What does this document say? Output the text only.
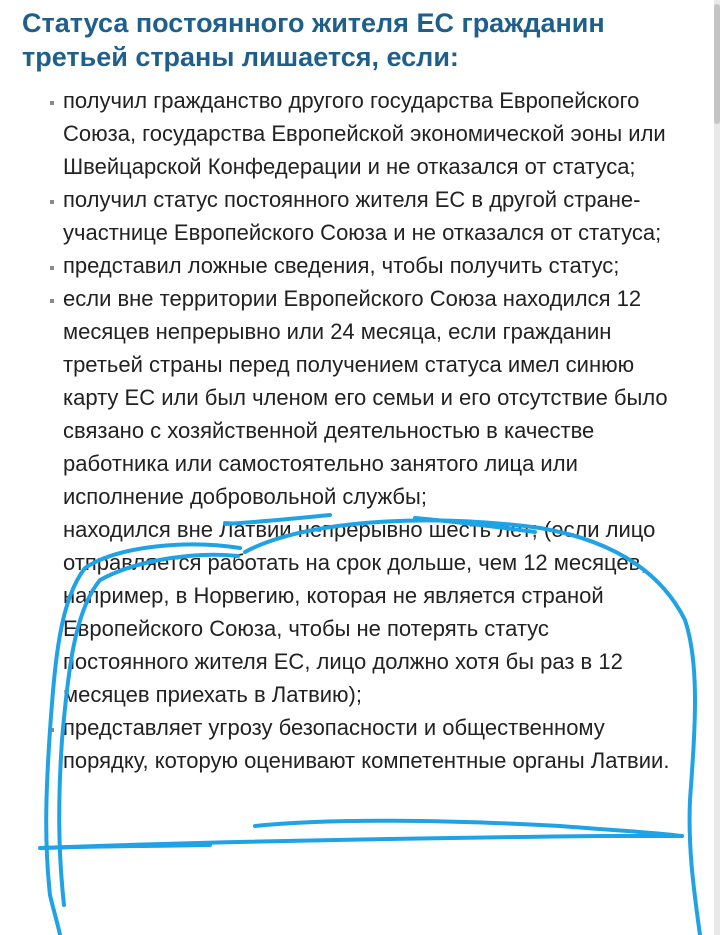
Статуса постоянного жителя ЕС гражданин третьей страны лишается, если:
получил гражданство другого государства Европейского Союза, государства Европейской экономической эоны или Швейцарской Конфедерации и не отказался от статуса;
получил статус постоянного жителя ЕС в другой стране-участнице Европейского Союза и не отказался от статуса;
представил ложные сведения, чтобы получить статус;
если вне территории Европейского Союза находился 12 месяцев непрерывно или 24 месяца, если гражданин третьей страны перед получением статуса имел синюю карту ЕС или был членом его семьи и его отсутствие было связано с хозяйственной деятельностью в качестве работника или самостоятельно занятого лица или исполнение добровольной службы;
находился вне Латвии непрерывно шесть лет; (если лицо отправляется работать на срок дольше, чем 12 месяцев, например, в Норвегию, которая не является страной Европейского Союза, чтобы не потерять статус постоянного жителя ЕС, лицо должно хотя бы раз в 12 месяцев приехать в Латвию);
представляет угрозу безопасности и общественному порядку, которую оценивают компетентные органы Латвии.
